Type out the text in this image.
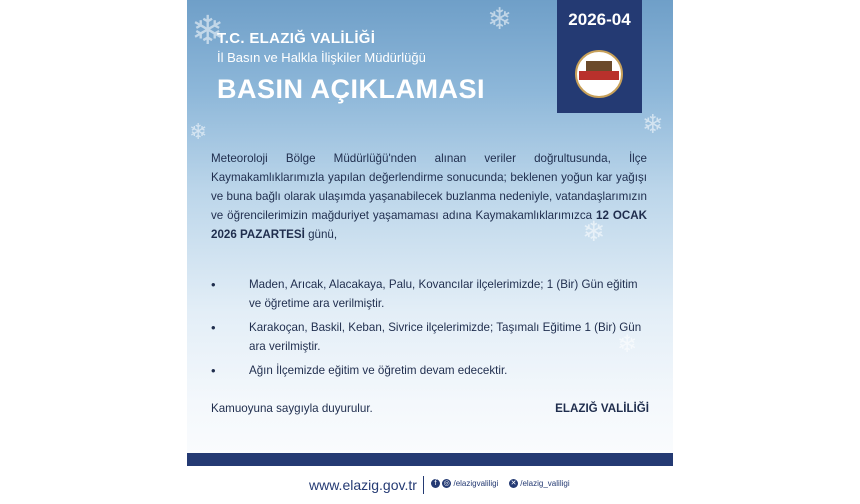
❄	❄
❄
❄
❄
❄
T.C. ELAZIĞ VALİLİĞİ
İl Basın ve Halkla İlişkiler Müdürlüğü
BASIN AÇIKLAMASI
2026-04
Meteoroloji Bölge Müdürlüğü'nden alınan veriler doğrultusunda, İlçe Kaymakamlıklarımızla yapılan değerlendirme sonucunda; beklenen yoğun kar yağışı ve buna bağlı olarak ulaşımda yaşanabilecek buzlanma nedeniyle, vatandaşlarımızın ve öğrencilerimizin mağduriyet yaşamaması adına Kaymakamlıklarımızca 12 OCAK 2026 PAZARTESİ günü,
•	Maden, Arıcak, Alacakaya, Palu, Kovancılar ilçelerimizde; 1 (Bir) Gün eğitim ve öğretime ara verilmiştir.
•	Karakoçan, Baskil, Keban, Sivrice ilçelerimizde; Taşımalı Eğitime 1 (Bir) Gün ara verilmiştir.
•	Ağın İlçemizde eğitim ve öğretim devam edecektir.
Kamuoyuna saygıyla duyurulur.	ELAZIĞ VALİLİĞİ
www.elazig.gov.tr	f ◎ /elazigvaliligi ✕ /elazig_valiligi
